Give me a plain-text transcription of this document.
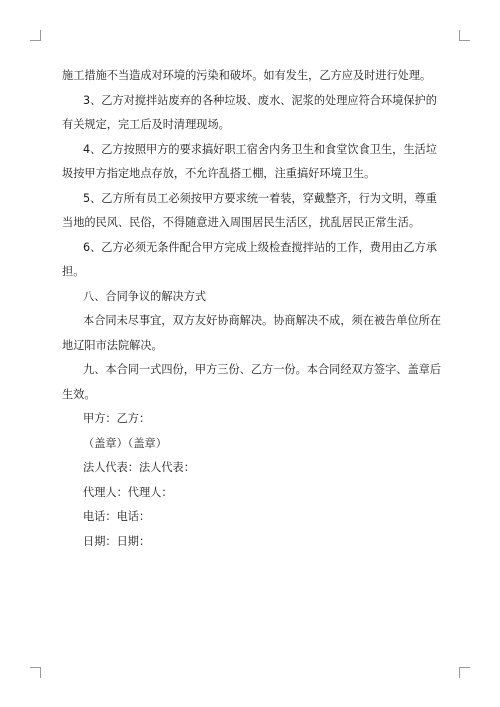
施工措施不当造成对环境的污染和破坏。如有发生，乙方应及时进行处理。

3、乙方对搅拌站废弃的各种垃圾、废水、泥浆的处理应符合环境保护的有关规定，完工后及时清理现场。

4、乙方按照甲方的要求搞好职工宿舍内务卫生和食堂饮食卫生，生活垃圾按甲方指定地点存放，不允许乱搭工棚，注重搞好环境卫生。

5、乙方所有员工必须按甲方要求统一着装，穿戴整齐，行为文明，尊重当地的民风、民俗，不得随意进入周围居民生活区，扰乱居民正常生活。

6、乙方必须无条件配合甲方完成上级检查搅拌站的工作，费用由乙方承担。

八、合同争议的解决方式

本合同未尽事宜，双方友好协商解决。协商解决不成，须在被告单位所在地辽阳市法院解决。

九、本合同一式四份，甲方三份、乙方一份。本合同经双方签字、盖章后生效。

甲方：乙方：

（盖章）（盖章）

法人代表：法人代表：

代理人：代理人：

电话：电话：

日期：日期：
